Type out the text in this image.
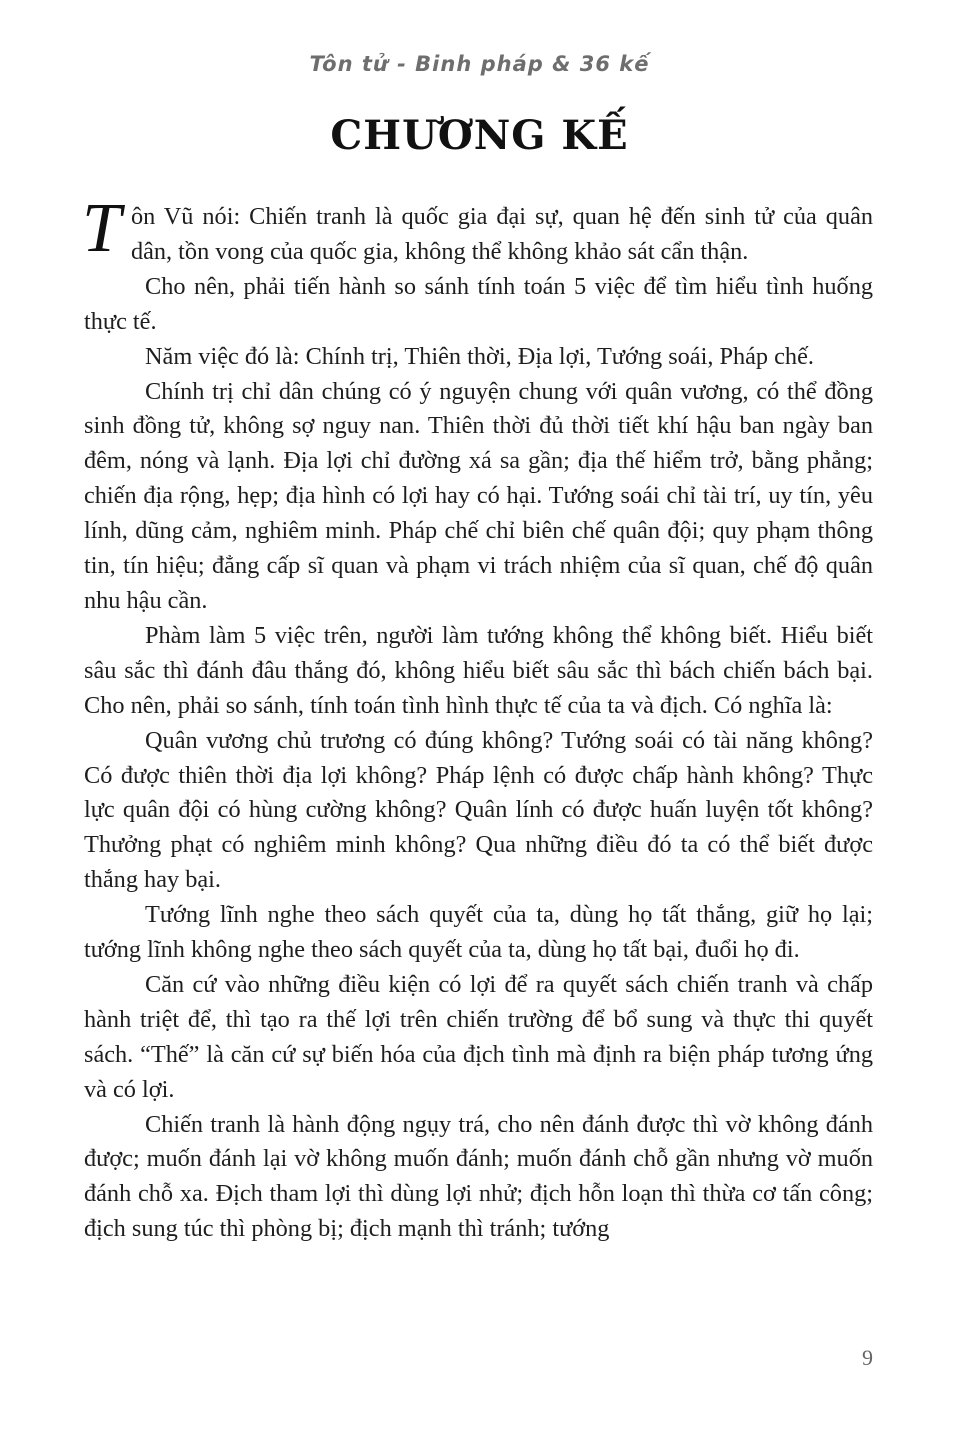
Tôn tử - Binh pháp & 36 kế
CHƯƠNG KẾ

Tôn Vũ nói: Chiến tranh là quốc gia đại sự, quan hệ đến sinh tử của quân dân, tồn vong của quốc gia, không thể không khảo sát cẩn thận.

Cho nên, phải tiến hành so sánh tính toán 5 việc để tìm hiểu tình huống thực tế.

Năm việc đó là: Chính trị, Thiên thời, Địa lợi, Tướng soái, Pháp chế.

Chính trị chỉ dân chúng có ý nguyện chung với quân vương, có thể đồng sinh đồng tử, không sợ nguy nan. Thiên thời đủ thời tiết khí hậu ban ngày ban đêm, nóng và lạnh. Địa lợi chỉ đường xá sa gần; địa thế hiểm trở, bằng phẳng; chiến địa rộng, hẹp; địa hình có lợi hay có hại. Tướng soái chỉ tài trí, uy tín, yêu lính, dũng cảm, nghiêm minh. Pháp chế chỉ biên chế quân đội; quy phạm thông tin, tín hiệu; đẳng cấp sĩ quan và phạm vi trách nhiệm của sĩ quan, chế độ quân nhu hậu cần.

Phàm làm 5 việc trên, người làm tướng không thể không biết. Hiểu biết sâu sắc thì đánh đâu thắng đó, không hiểu biết sâu sắc thì bách chiến bách bại. Cho nên, phải so sánh, tính toán tình hình thực tế của ta và địch. Có nghĩa là:

Quân vương chủ trương có đúng không? Tướng soái có tài năng không? Có được thiên thời địa lợi không? Pháp lệnh có được chấp hành không? Thực lực quân đội có hùng cường không? Quân lính có được huấn luyện tốt không? Thưởng phạt có nghiêm minh không? Qua những điều đó ta có thể biết được thắng hay bại.

Tướng lĩnh nghe theo sách quyết của ta, dùng họ tất thắng, giữ họ lại; tướng lĩnh không nghe theo sách quyết của ta, dùng họ tất bại, đuổi họ đi.

Căn cứ vào những điều kiện có lợi để ra quyết sách chiến tranh và chấp hành triệt để, thì tạo ra thế lợi trên chiến trường để bổ sung và thực thi quyết sách. “Thế” là căn cứ sự biến hóa của địch tình mà định ra biện pháp tương ứng và có lợi.

Chiến tranh là hành động ngụy trá, cho nên đánh được thì vờ không đánh được; muốn đánh lại vờ không muốn đánh; muốn đánh chỗ gần nhưng vờ muốn đánh chỗ xa. Địch tham lợi thì dùng lợi nhử; địch hỗn loạn thì thừa cơ tấn công; địch sung túc thì phòng bị; địch mạnh thì tránh; tướng

9
